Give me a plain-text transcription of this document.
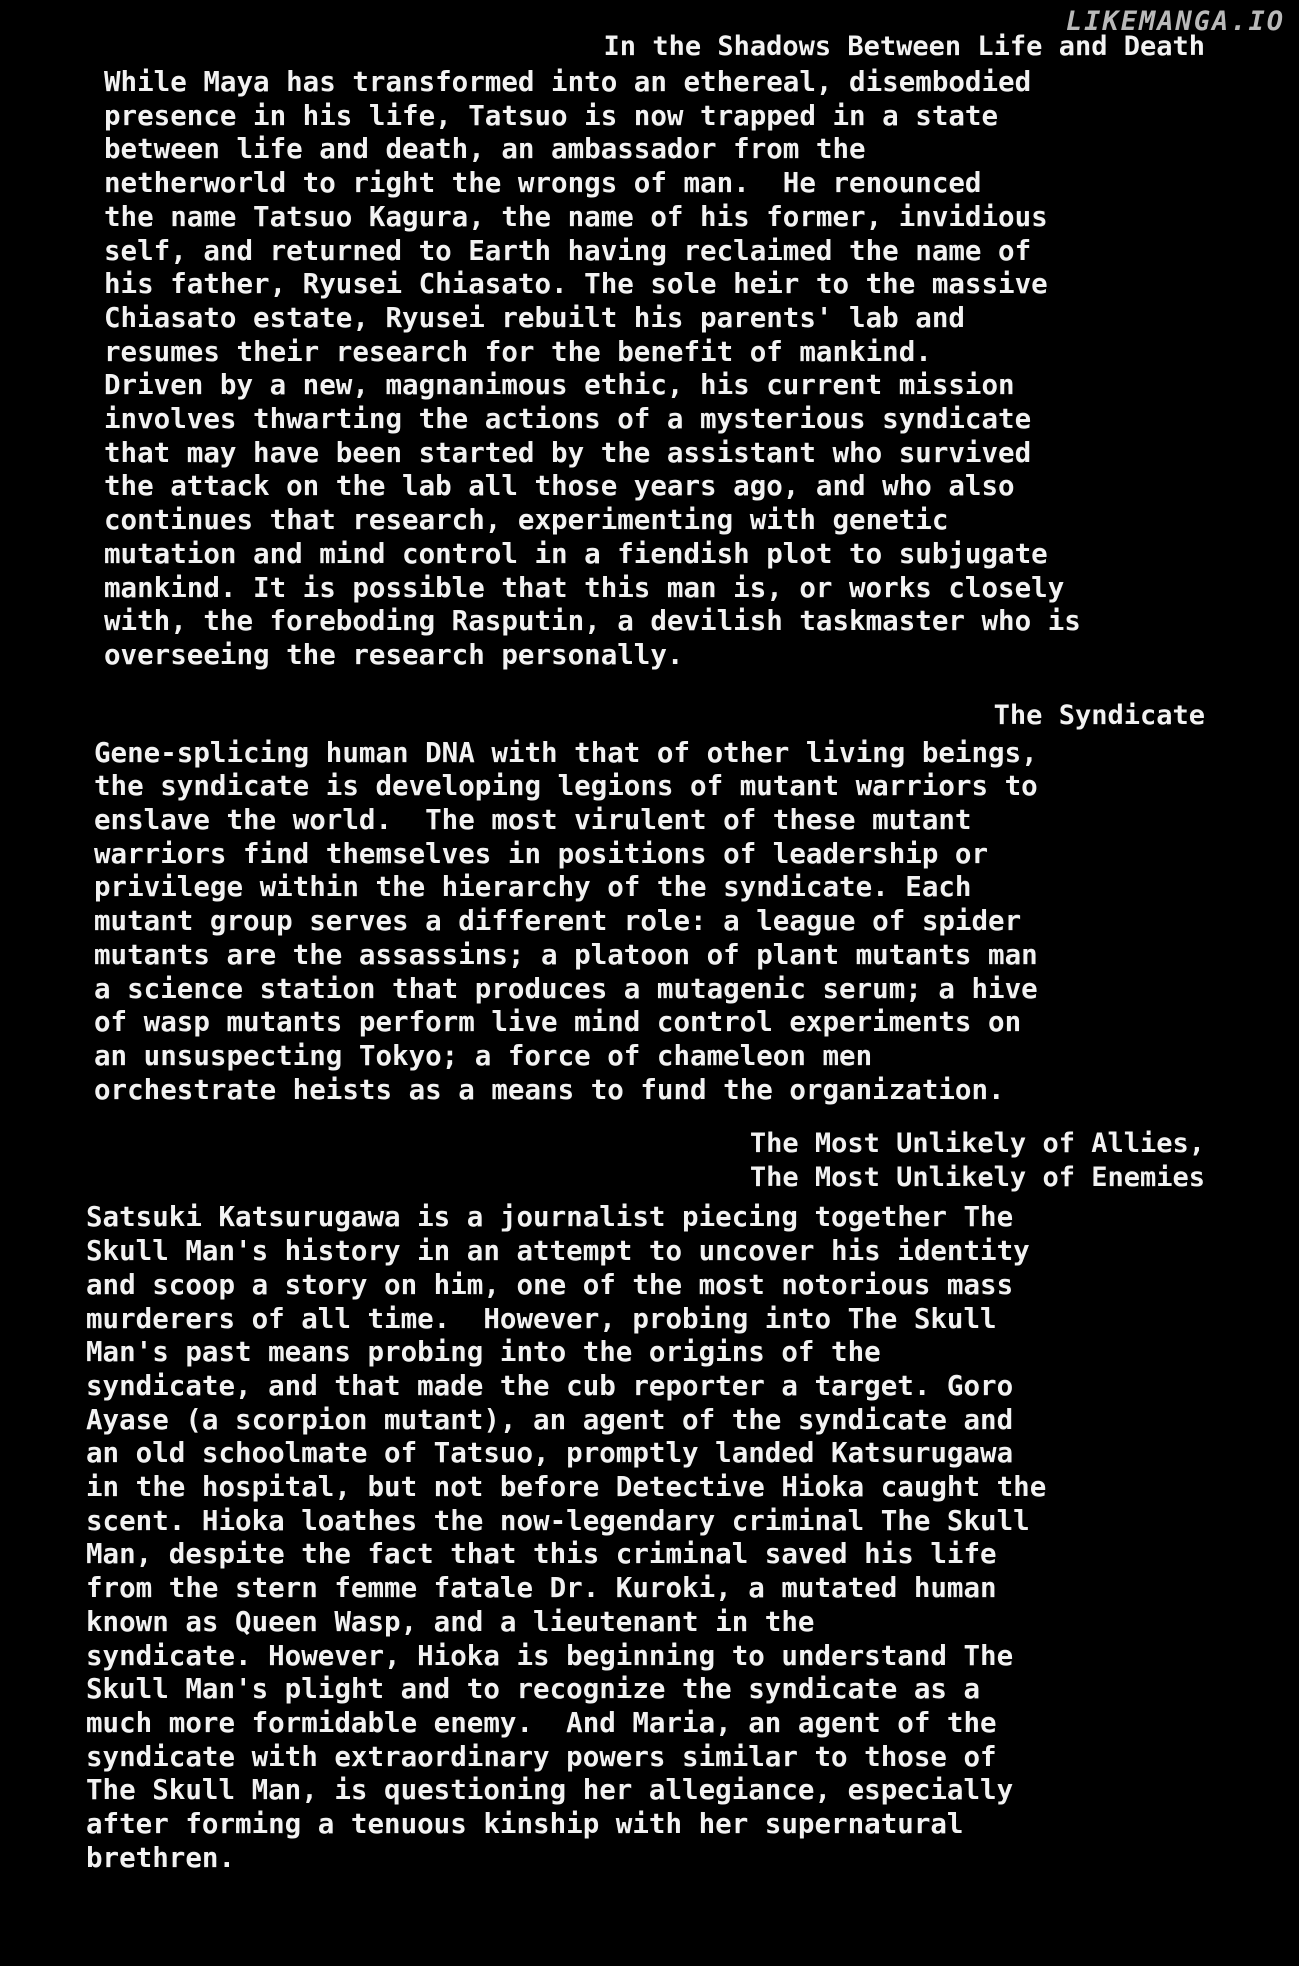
LIKEMANGA.IO
In the Shadows Between Life and Death

While Maya has transformed into an ethereal, disembodied
presence in his life, Tatsuo is now trapped in a state
between life and death, an ambassador from the
netherworld to right the wrongs of man.  He renounced
the name Tatsuo Kagura, the name of his former, invidious
self, and returned to Earth having reclaimed the name of
his father, Ryusei Chiasato. The sole heir to the massive
Chiasato estate, Ryusei rebuilt his parents' lab and
resumes their research for the benefit of mankind.
Driven by a new, magnanimous ethic, his current mission
involves thwarting the actions of a mysterious syndicate
that may have been started by the assistant who survived
the attack on the lab all those years ago, and who also
continues that research, experimenting with genetic
mutation and mind control in a fiendish plot to subjugate
mankind. It is possible that this man is, or works closely
with, the foreboding Rasputin, a devilish taskmaster who is
overseeing the research personally.

The Syndicate

Gene-splicing human DNA with that of other living beings,
the syndicate is developing legions of mutant warriors to
enslave the world.  The most virulent of these mutant
warriors find themselves in positions of leadership or
privilege within the hierarchy of the syndicate. Each
mutant group serves a different role: a league of spider
mutants are the assassins; a platoon of plant mutants man
a science station that produces a mutagenic serum; a hive
of wasp mutants perform live mind control experiments on
an unsuspecting Tokyo; a force of chameleon men
orchestrate heists as a means to fund the organization.

The Most Unlikely of Allies,
The Most Unlikely of Enemies

Satsuki Katsurugawa is a journalist piecing together The
Skull Man's history in an attempt to uncover his identity
and scoop a story on him, one of the most notorious mass
murderers of all time.  However, probing into The Skull
Man's past means probing into the origins of the
syndicate, and that made the cub reporter a target. Goro
Ayase (a scorpion mutant), an agent of the syndicate and
an old schoolmate of Tatsuo, promptly landed Katsurugawa
in the hospital, but not before Detective Hioka caught the
scent. Hioka loathes the now-legendary criminal The Skull
Man, despite the fact that this criminal saved his life
from the stern femme fatale Dr. Kuroki, a mutated human
known as Queen Wasp, and a lieutenant in the
syndicate. However, Hioka is beginning to understand The
Skull Man's plight and to recognize the syndicate as a
much more formidable enemy.  And Maria, an agent of the
syndicate with extraordinary powers similar to those of
The Skull Man, is questioning her allegiance, especially
after forming a tenuous kinship with her supernatural
brethren.
